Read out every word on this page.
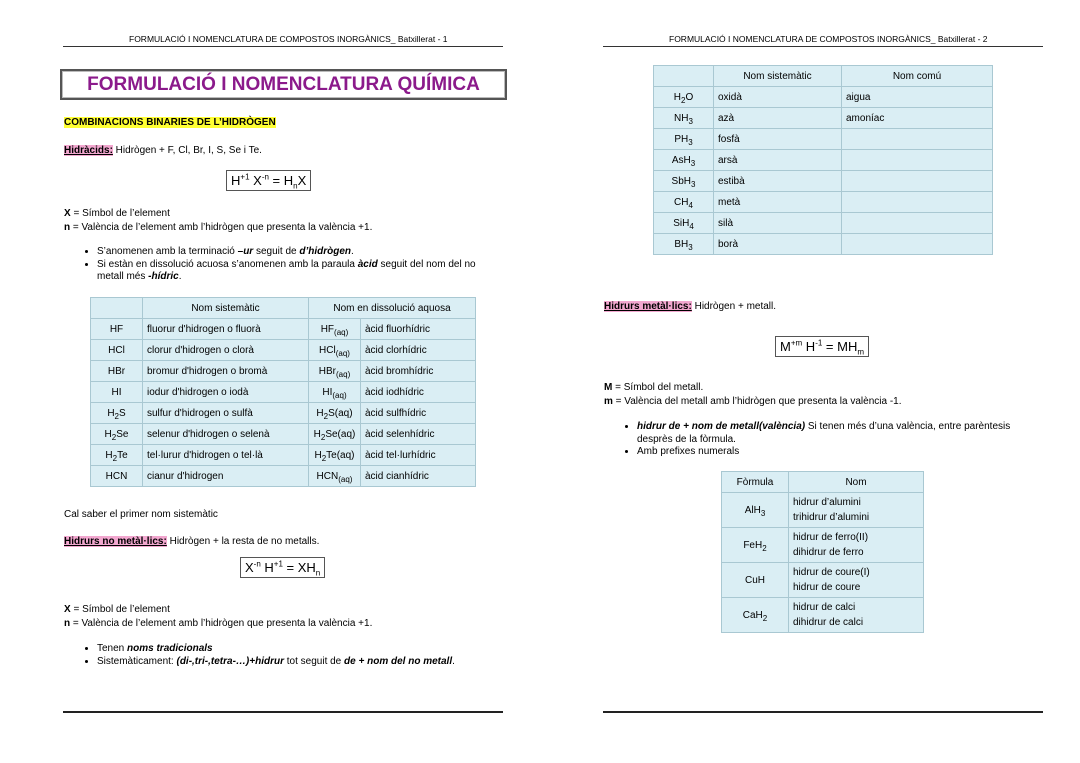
FORMULACIÓ I NOMENCLATURA DE COMPOSTOS INORGÀNICS_ Batxillerat - 1
FORMULACIÓ I NOMENCLATURA QUÍMICA
COMBINACIONS BINARIES DE L’HIDRÒGEN
Hidràcids: Hidrògen + F, Cl, Br, I, S, Se i Te.
$H^{+1}$ $X^{-n} = H_nX$
X = Símbol de l’element
n = València de l’element amb l’hidrògen que presenta la valència +1.
• S’anomenen amb la terminació –ur seguit de d’hidrògen.
• Si estàn en dissolució acuosa s’anomenen amb la paraula àcid seguit del nom del no metall més -hídric.
	Nom sistemàtic	Nom en dissolució aquosa	
HF	fluorur d'hidrogen o fluorà	$HF_{(aq)}$	àcid fluorhídric
HCl	clorur d'hidrogen o clorà	HCl$_{(aq)}$	àcid clorhídric
HBr	bromur d'hidrogen o bromà	HBr$_{(aq)}$	àcid bromhídric
HI	iodur d'hidrogen o iodà	$HI_{(aq)}$	àcid iodhídric
$H_2S$	sulfur d'hidrogen o sulfà	$H_2S(aq)$	àcid sulfhídric
$H_2Se$	selenur d'hidrogen o selenà	$H_2Se(aq)$	àcid selenhídric
$H_2Te$	tel·lurur d'hidrogen o tel·là	$H_2Te(aq)$	àcid tel·lurhídric
HCN	cianur d'hidrogen	$HCN_{(aq)}$	àcid cianhídric
Cal saber el primer nom sistemàtic
Hidrurs no metàl·lics: Hidrògen + la resta de no metalls.
$X^{-n}$ $H^{+1} = XH_n$
X = Símbol de l’element
n = València de l’element amb l’hidrògen que presenta la valència +1.
• Tenen noms tradicionals
• Sistemàticament: (di-,tri-,tetra-…)+hidrur tot seguit de de + nom del no metall.
FORMULACIÓ I NOMENCLATURA DE COMPOSTOS INORGÀNICS_ Batxillerat - 2
	Nom sistemàtic	Nom comú
$H_2O$	oxidà	aigua
$NH_3$	azà	amoníac
$PH_3$	fosfà	
AsH$_3$	arsà	
SbH$_3$	estibà	
$CH_4$	metà	
SiH$_4$	silà	
$BH_3$	borà	
Hidrurs metàl·lics: Hidrògen + metall.
$M^{+m}$ $H^{-1} = MH_m$
M = Símbol del metall.
m = València del metall amb l’hidrògen que presenta la valència -1.
• hidrur de + nom de metall(valència) Si tenen més d’una valència, entre parèntesis desprès de la fòrmula.
• Amb prefixes numerals
Fòrmula	Nom
AlH$_3$	hidrur d’alumini
trihidrur d’alumini

FeH$_2$	hidrur de ferro(II)
dihidrur de ferro

CuH	hidrur de coure(I)
hidrur de coure

CaH$_2$	hidrur de calci
dihidrur de calci
